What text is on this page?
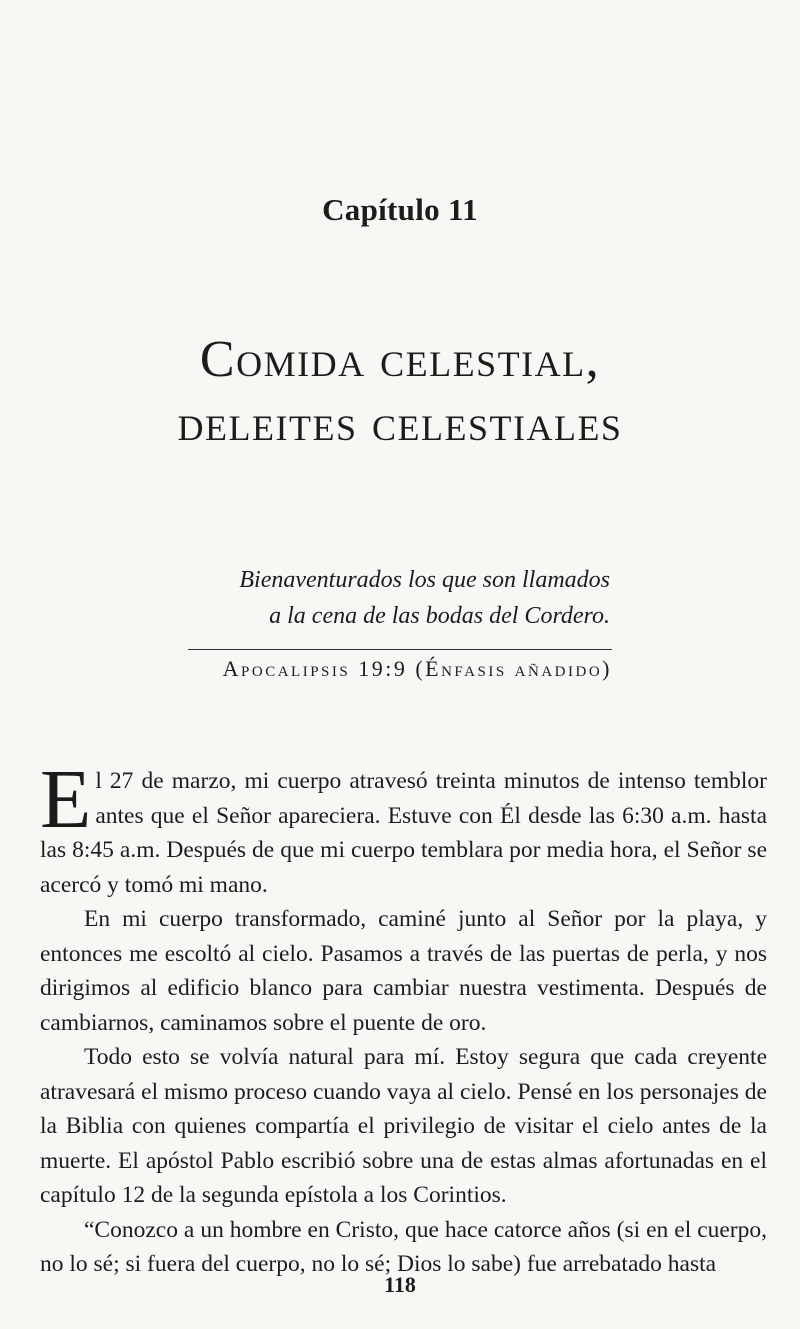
Capítulo 11
Comida celestial,
deleites celestiales
Bienaventurados los que son llamados
a la cena de las bodas del Cordero.
Apocalipsis 19:9 (Énfasis añadido)

El 27 de marzo, mi cuerpo atravesó treinta minutos de intenso temblor antes que el Señor apareciera. Estuve con Él desde las 6:30 a.m. hasta las 8:45 a.m. Después de que mi cuerpo temblara por media hora, el Señor se acercó y tomó mi mano.

En mi cuerpo transformado, caminé junto al Señor por la playa, y entonces me escoltó al cielo. Pasamos a través de las puertas de perla, y nos dirigimos al edificio blanco para cambiar nuestra vestimenta. Después de cambiarnos, caminamos sobre el puente de oro.

Todo esto se volvía natural para mí. Estoy segura que cada creyente atravesará el mismo proceso cuando vaya al cielo. Pensé en los personajes de la Biblia con quienes compartía el privilegio de visitar el cielo antes de la muerte. El apóstol Pablo escribió sobre una de estas almas afortunadas en el capítulo 12 de la segunda epístola a los Corintios.

“Conozco a un hombre en Cristo, que hace catorce años (si en el cuerpo, no lo sé; si fuera del cuerpo, no lo sé; Dios lo sabe) fue arrebatado hasta

118
